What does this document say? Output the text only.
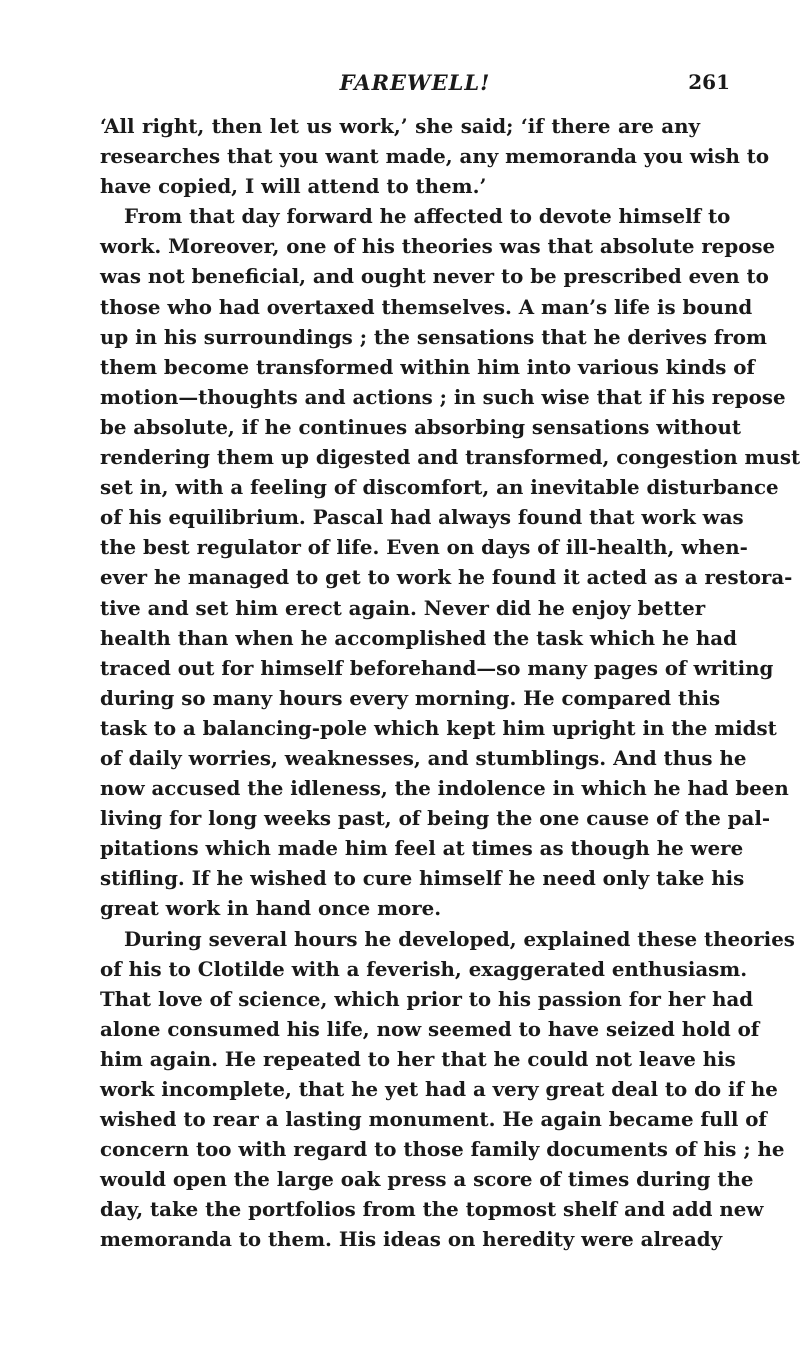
FAREWELL!	261
‘All right, then let us work,’ she said; ‘if there are any
researches that you want made, any memoranda you wish to
have copied, I will attend to them.’
From that day forward he affected to devote himself to
work. Moreover, one of his theories was that absolute repose
was not beneficial, and ought never to be prescribed even to
those who had overtaxed themselves. A man’s life is bound
up in his surroundings ; the sensations that he derives from
them become transformed within him into various kinds of
motion—thoughts and actions ; in such wise that if his repose
be absolute, if he continues absorbing sensations without
rendering them up digested and transformed, congestion must
set in, with a feeling of discomfort, an inevitable disturbance
of his equilibrium. Pascal had always found that work was
the best regulator of life. Even on days of ill-health, when-
ever he managed to get to work he found it acted as a restora-
tive and set him erect again. Never did he enjoy better
health than when he accomplished the task which he had
traced out for himself beforehand—so many pages of writing
during so many hours every morning. He compared this
task to a balancing-pole which kept him upright in the midst
of daily worries, weaknesses, and stumblings. And thus he
now accused the idleness, the indolence in which he had been
living for long weeks past, of being the one cause of the pal-
pitations which made him feel at times as though he were
stifling. If he wished to cure himself he need only take his
great work in hand once more.
During several hours he developed, explained these theories
of his to Clotilde with a feverish, exaggerated enthusiasm.
That love of science, which prior to his passion for her had
alone consumed his life, now seemed to have seized hold of
him again. He repeated to her that he could not leave his
work incomplete, that he yet had a very great deal to do if he
wished to rear a lasting monument. He again became full of
concern too with regard to those family documents of his ; he
would open the large oak press a score of times during the
day, take the portfolios from the topmost shelf and add new
memoranda to them. His ideas on heredity were already
